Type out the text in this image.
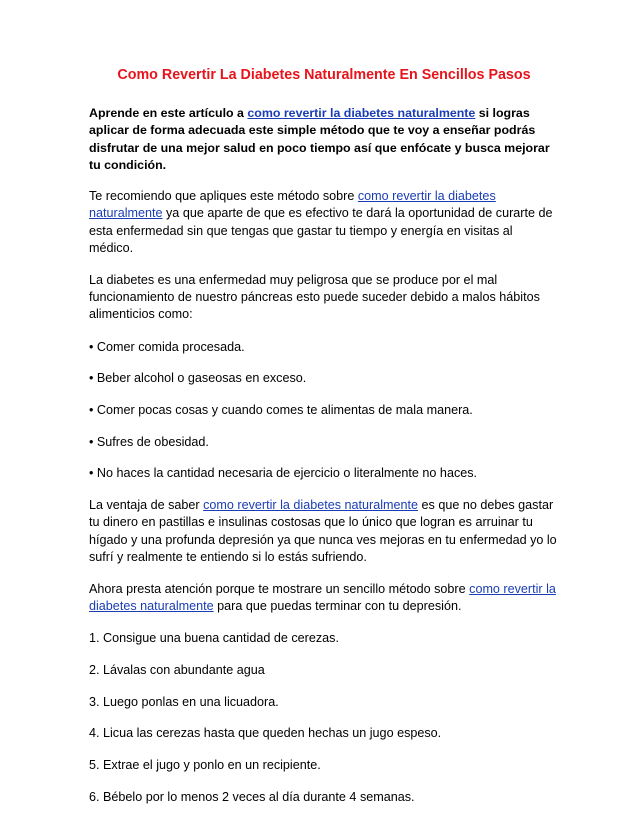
Como Revertir La Diabetes Naturalmente En Sencillos Pasos

Aprende en este artículo a como revertir la diabetes naturalmente si logras aplicar de forma adecuada este simple método que te voy a enseñar podrás disfrutar de una mejor salud en poco tiempo así que enfócate y busca mejorar tu condición.

Te recomiendo que apliques este método sobre como revertir la diabetes naturalmente ya que aparte de que es efectivo te dará la oportunidad de curarte de esta enfermedad sin que tengas que gastar tu tiempo y energía en visitas al médico.

La diabetes es una enfermedad muy peligrosa que se produce por el mal funcionamiento de nuestro páncreas esto puede suceder debido a malos hábitos alimenticios como:

• Comer comida procesada.

• Beber alcohol o gaseosas en exceso.

• Comer pocas cosas y cuando comes te alimentas de mala manera.

• Sufres de obesidad.

• No haces la cantidad necesaria de ejercicio o literalmente no haces.

La ventaja de saber como revertir la diabetes naturalmente es que no debes gastar tu dinero en pastillas e insulinas costosas que lo único que logran es arruinar tu hígado y una profunda depresión ya que nunca ves mejoras en tu enfermedad yo lo sufrí y realmente te entiendo si lo estás sufriendo.

Ahora presta atención porque te mostrare un sencillo método sobre como revertir la diabetes naturalmente para que puedas terminar con tu depresión.

1. Consigue una buena cantidad de cerezas.

2. Lávalas con abundante agua

3. Luego ponlas en una licuadora.

4. Licua las cerezas hasta que queden hechas un jugo espeso.

5. Extrae el jugo y ponlo en un recipiente.

6. Bébelo por lo menos 2 veces al día durante 4 semanas.
